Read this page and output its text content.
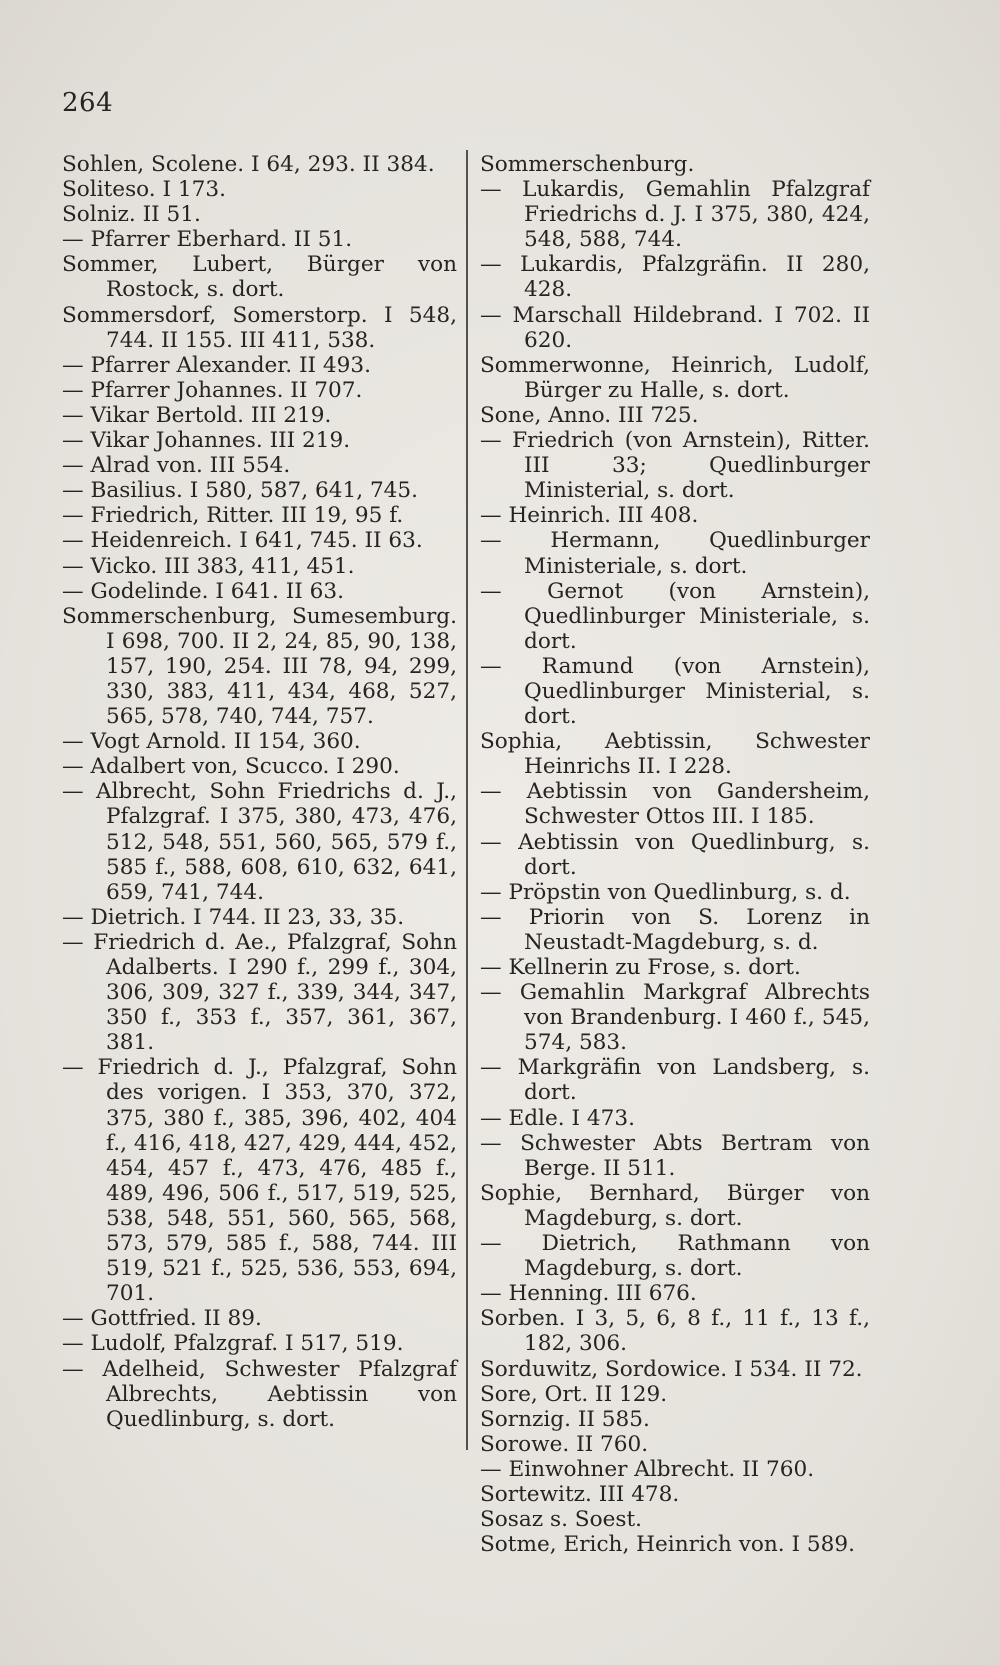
264

Sohlen, Scolene. I 64, 293. II 384.

Soliteso. I 173.

Solniz. II 51.

— Pfarrer Eberhard. II 51.

Sommer, Lubert, Bürger von Rostock, s. dort.

Sommersdorf, Somerstorp. I 548, 744. II 155. III 411, 538.

— Pfarrer Alexander. II 493.

— Pfarrer Johannes. II 707.

— Vikar Bertold. III 219.

— Vikar Johannes. III 219.

— Alrad von. III 554.

— Basilius. I 580, 587, 641, 745.

— Friedrich, Ritter. III 19, 95 f.

— Heidenreich. I 641, 745. II 63.

— Vicko. III 383, 411, 451.

— Godelinde. I 641. II 63.

Sommerschenburg, Sumesemburg. I 698, 700. II 2, 24, 85, 90, 138, 157, 190, 254. III 78, 94, 299, 330, 383, 411, 434, 468, 527, 565, 578, 740, 744, 757.

— Vogt Arnold. II 154, 360.

— Adalbert von, Scucco. I 290.

— Albrecht, Sohn Friedrichs d. J., Pfalzgraf. I 375, 380, 473, 476, 512, 548, 551, 560, 565, 579 f., 585 f., 588, 608, 610, 632, 641, 659, 741, 744.

— Dietrich. I 744. II 23, 33, 35.

— Friedrich d. Ae., Pfalzgraf, Sohn Adalberts. I 290 f., 299 f., 304, 306, 309, 327 f., 339, 344, 347, 350 f., 353 f., 357, 361, 367, 381.

— Friedrich d. J., Pfalzgraf, Sohn des vorigen. I 353, 370, 372, 375, 380 f., 385, 396, 402, 404 f., 416, 418, 427, 429, 444, 452, 454, 457 f., 473, 476, 485 f., 489, 496, 506 f., 517, 519, 525, 538, 548, 551, 560, 565, 568, 573, 579, 585 f., 588, 744. III 519, 521 f., 525, 536, 553, 694, 701.

— Gottfried. II 89.

— Ludolf, Pfalzgraf. I 517, 519.

— Adelheid, Schwester Pfalzgraf Albrechts, Aebtissin von Quedlinburg, s. dort.

Sommerschenburg.

— Lukardis, Gemahlin Pfalzgraf Friedrichs d. J. I 375, 380, 424, 548, 588, 744.

— Lukardis, Pfalzgräfin. II 280, 428.

— Marschall Hildebrand. I 702. II 620.

Sommerwonne, Heinrich, Ludolf, Bürger zu Halle, s. dort.

Sone, Anno. III 725.

— Friedrich (von Arnstein), Ritter. III 33; Quedlinburger Ministerial, s. dort.

— Heinrich. III 408.

— Hermann, Quedlinburger Ministeriale, s. dort.

— Gernot (von Arnstein), Quedlinburger Ministeriale, s. dort.

— Ramund (von Arnstein), Quedlinburger Ministerial, s. dort.

Sophia, Aebtissin, Schwester Heinrichs II. I 228.

— Aebtissin von Gandersheim, Schwester Ottos III. I 185.

— Aebtissin von Quedlinburg, s. dort.

— Pröpstin von Quedlinburg, s. d.

— Priorin von S. Lorenz in Neustadt-Magdeburg, s. d.

— Kellnerin zu Frose, s. dort.

— Gemahlin Markgraf Albrechts von Brandenburg. I 460 f., 545, 574, 583.

— Markgräfin von Landsberg, s. dort.

— Edle. I 473.

— Schwester Abts Bertram von Berge. II 511.

Sophie, Bernhard, Bürger von Magdeburg, s. dort.

— Dietrich, Rathmann von Magdeburg, s. dort.

— Henning. III 676.

Sorben. I 3, 5, 6, 8 f., 11 f., 13 f., 182, 306.

Sorduwitz, Sordowice. I 534. II 72.

Sore, Ort. II 129.

Sornzig. II 585.

Sorowe. II 760.

— Einwohner Albrecht. II 760.

Sortewitz. III 478.

Sosaz s. Soest.

Sotme, Erich, Heinrich von. I 589.
